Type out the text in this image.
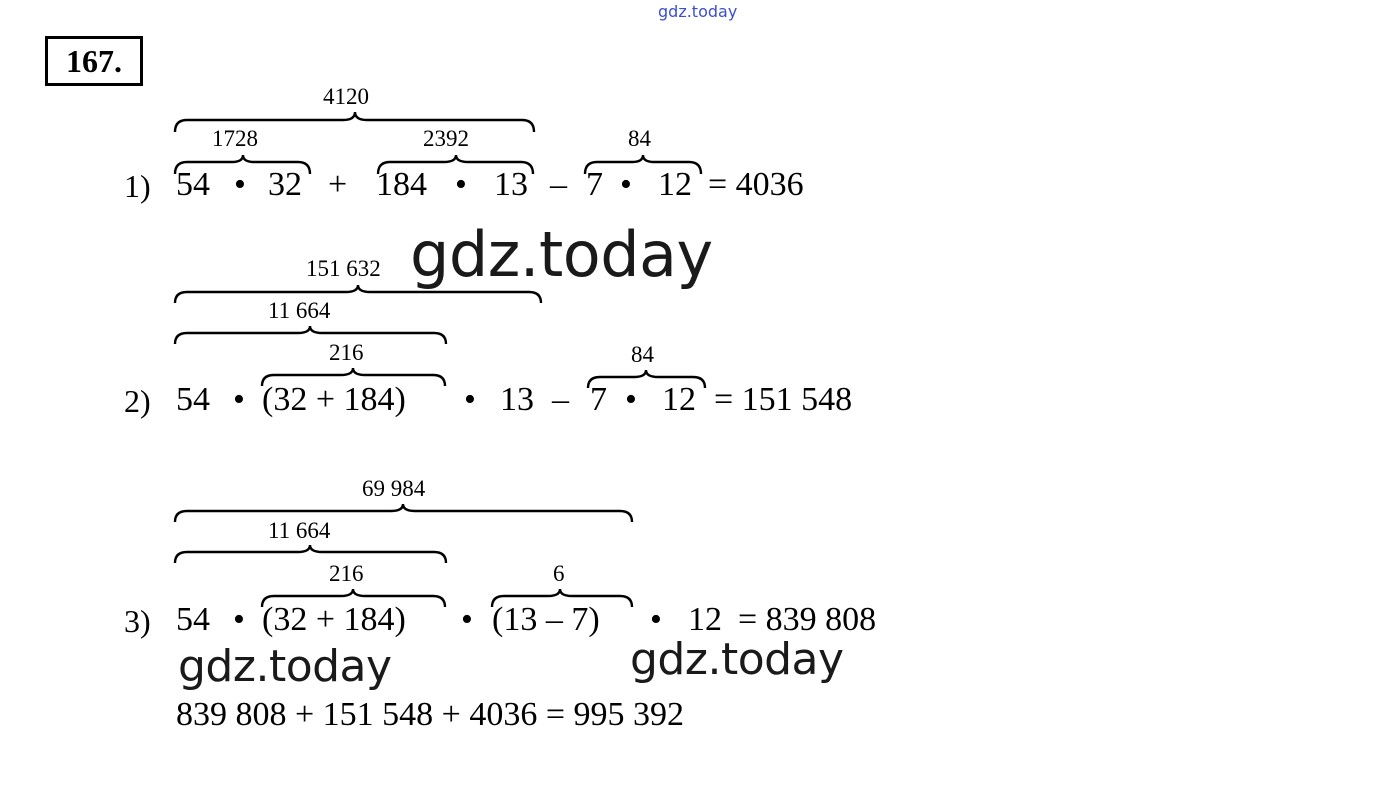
gdz.today
gdz.today
gdz.today	gdz.today
167.
4120
1728	2392	84
1) 54 • 32 + 184 • 13 – 7 • 12 = 4036
151 632
11 664
216	84
2) 54 • (32 + 184) • 13 – 7 • 12 = 151 548
69 984
11 664
216	6
3) 54 • (32 + 184) • (13 – 7) • 12 = 839 808
839 808 + 151 548 + 4036 = 995 392
